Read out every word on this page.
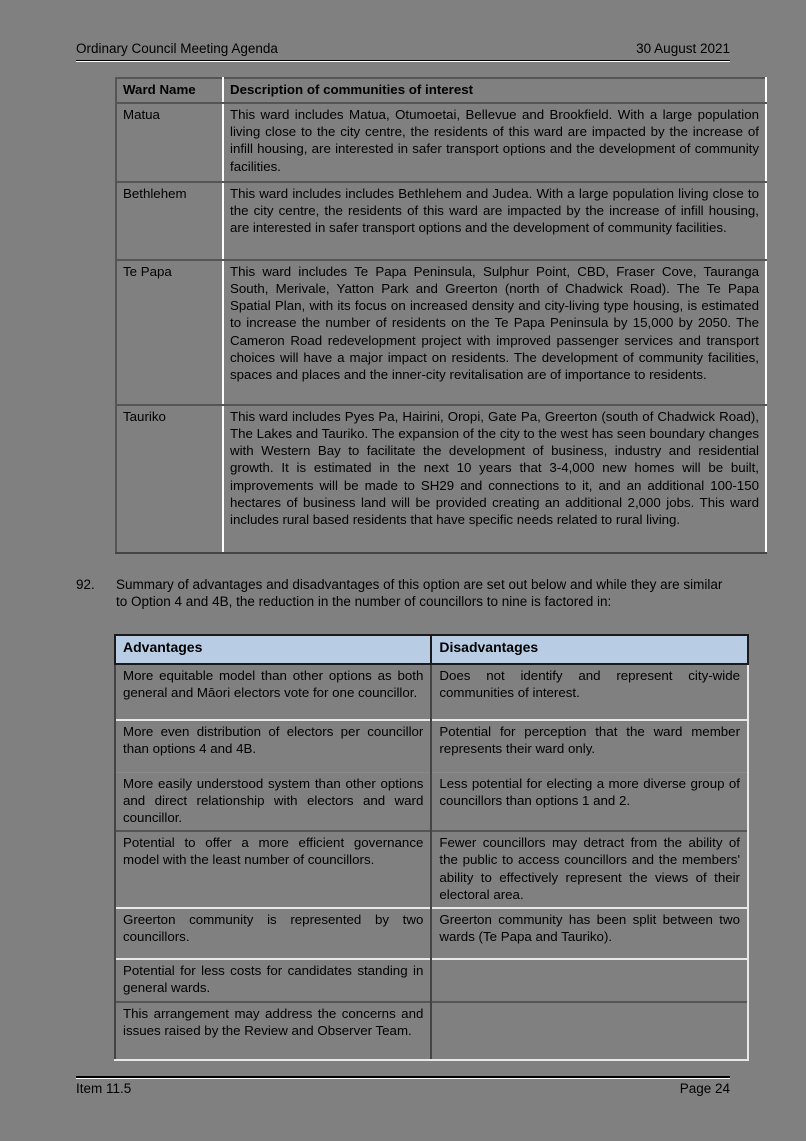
Ordinary Council Meeting Agenda	30 August 2021
Ward Name	Description of communities of interest
Matua	This ward includes Matua, Otumoetai, Bellevue and Brookfield. With a large population living close to the city centre, the residents of this ward are impacted by the increase of infill housing, are interested in safer transport options and the development of community facilities.
Bethlehem	This ward includes includes Bethlehem and Judea. With a large population living close to the city centre, the residents of this ward are impacted by the increase of infill housing, are interested in safer transport options and the development of community facilities.
Te Papa	This ward includes Te Papa Peninsula, Sulphur Point, CBD, Fraser Cove, Tauranga South, Merivale, Yatton Park and Greerton (north of Chadwick Road). The Te Papa Spatial Plan, with its focus on increased density and city-living type housing, is estimated to increase the number of residents on the Te Papa Peninsula by 15,000 by 2050. The Cameron Road redevelopment project with improved passenger services and transport choices will have a major impact on residents. The development of community facilities, spaces and places and the inner-city revitalisation are of importance to residents.
Tauriko	This ward includes Pyes Pa, Hairini, Oropi, Gate Pa, Greerton (south of Chadwick Road), The Lakes and Tauriko. The expansion of the city to the west has seen boundary changes with Western Bay to facilitate the development of business, industry and residential growth. It is estimated in the next 10 years that 3-4,000 new homes will be built, improvements will be made to SH29 and connections to it, and an additional 100-150 hectares of business land will be provided creating an additional 2,000 jobs. This ward includes rural based residents that have specific needs related to rural living.
92. Summary of advantages and disadvantages of this option are set out below and while they are similar to Option 4 and 4B, the reduction in the number of councillors to nine is factored in:
Advantages	Disadvantages
More equitable model than other options as both general and Māori electors vote for one councillor.	Does not identify and represent city-wide communities of interest.
More even distribution of electors per councillor than options 4 and 4B.	Potential for perception that the ward member represents their ward only.
More easily understood system than other options and direct relationship with electors and ward councillor.	Less potential for electing a more diverse group of councillors than options 1 and 2.
Potential to offer a more efficient governance model with the least number of councillors.	Fewer councillors may detract from the ability of the public to access councillors and the members' ability to effectively represent the views of their electoral area.
Greerton community is represented by two councillors.	Greerton community has been split between two wards (Te Papa and Tauriko).
Potential for less costs for candidates standing in general wards.	
This arrangement may address the concerns and issues raised by the Review and Observer Team.	
Item 11.5	Page 24
